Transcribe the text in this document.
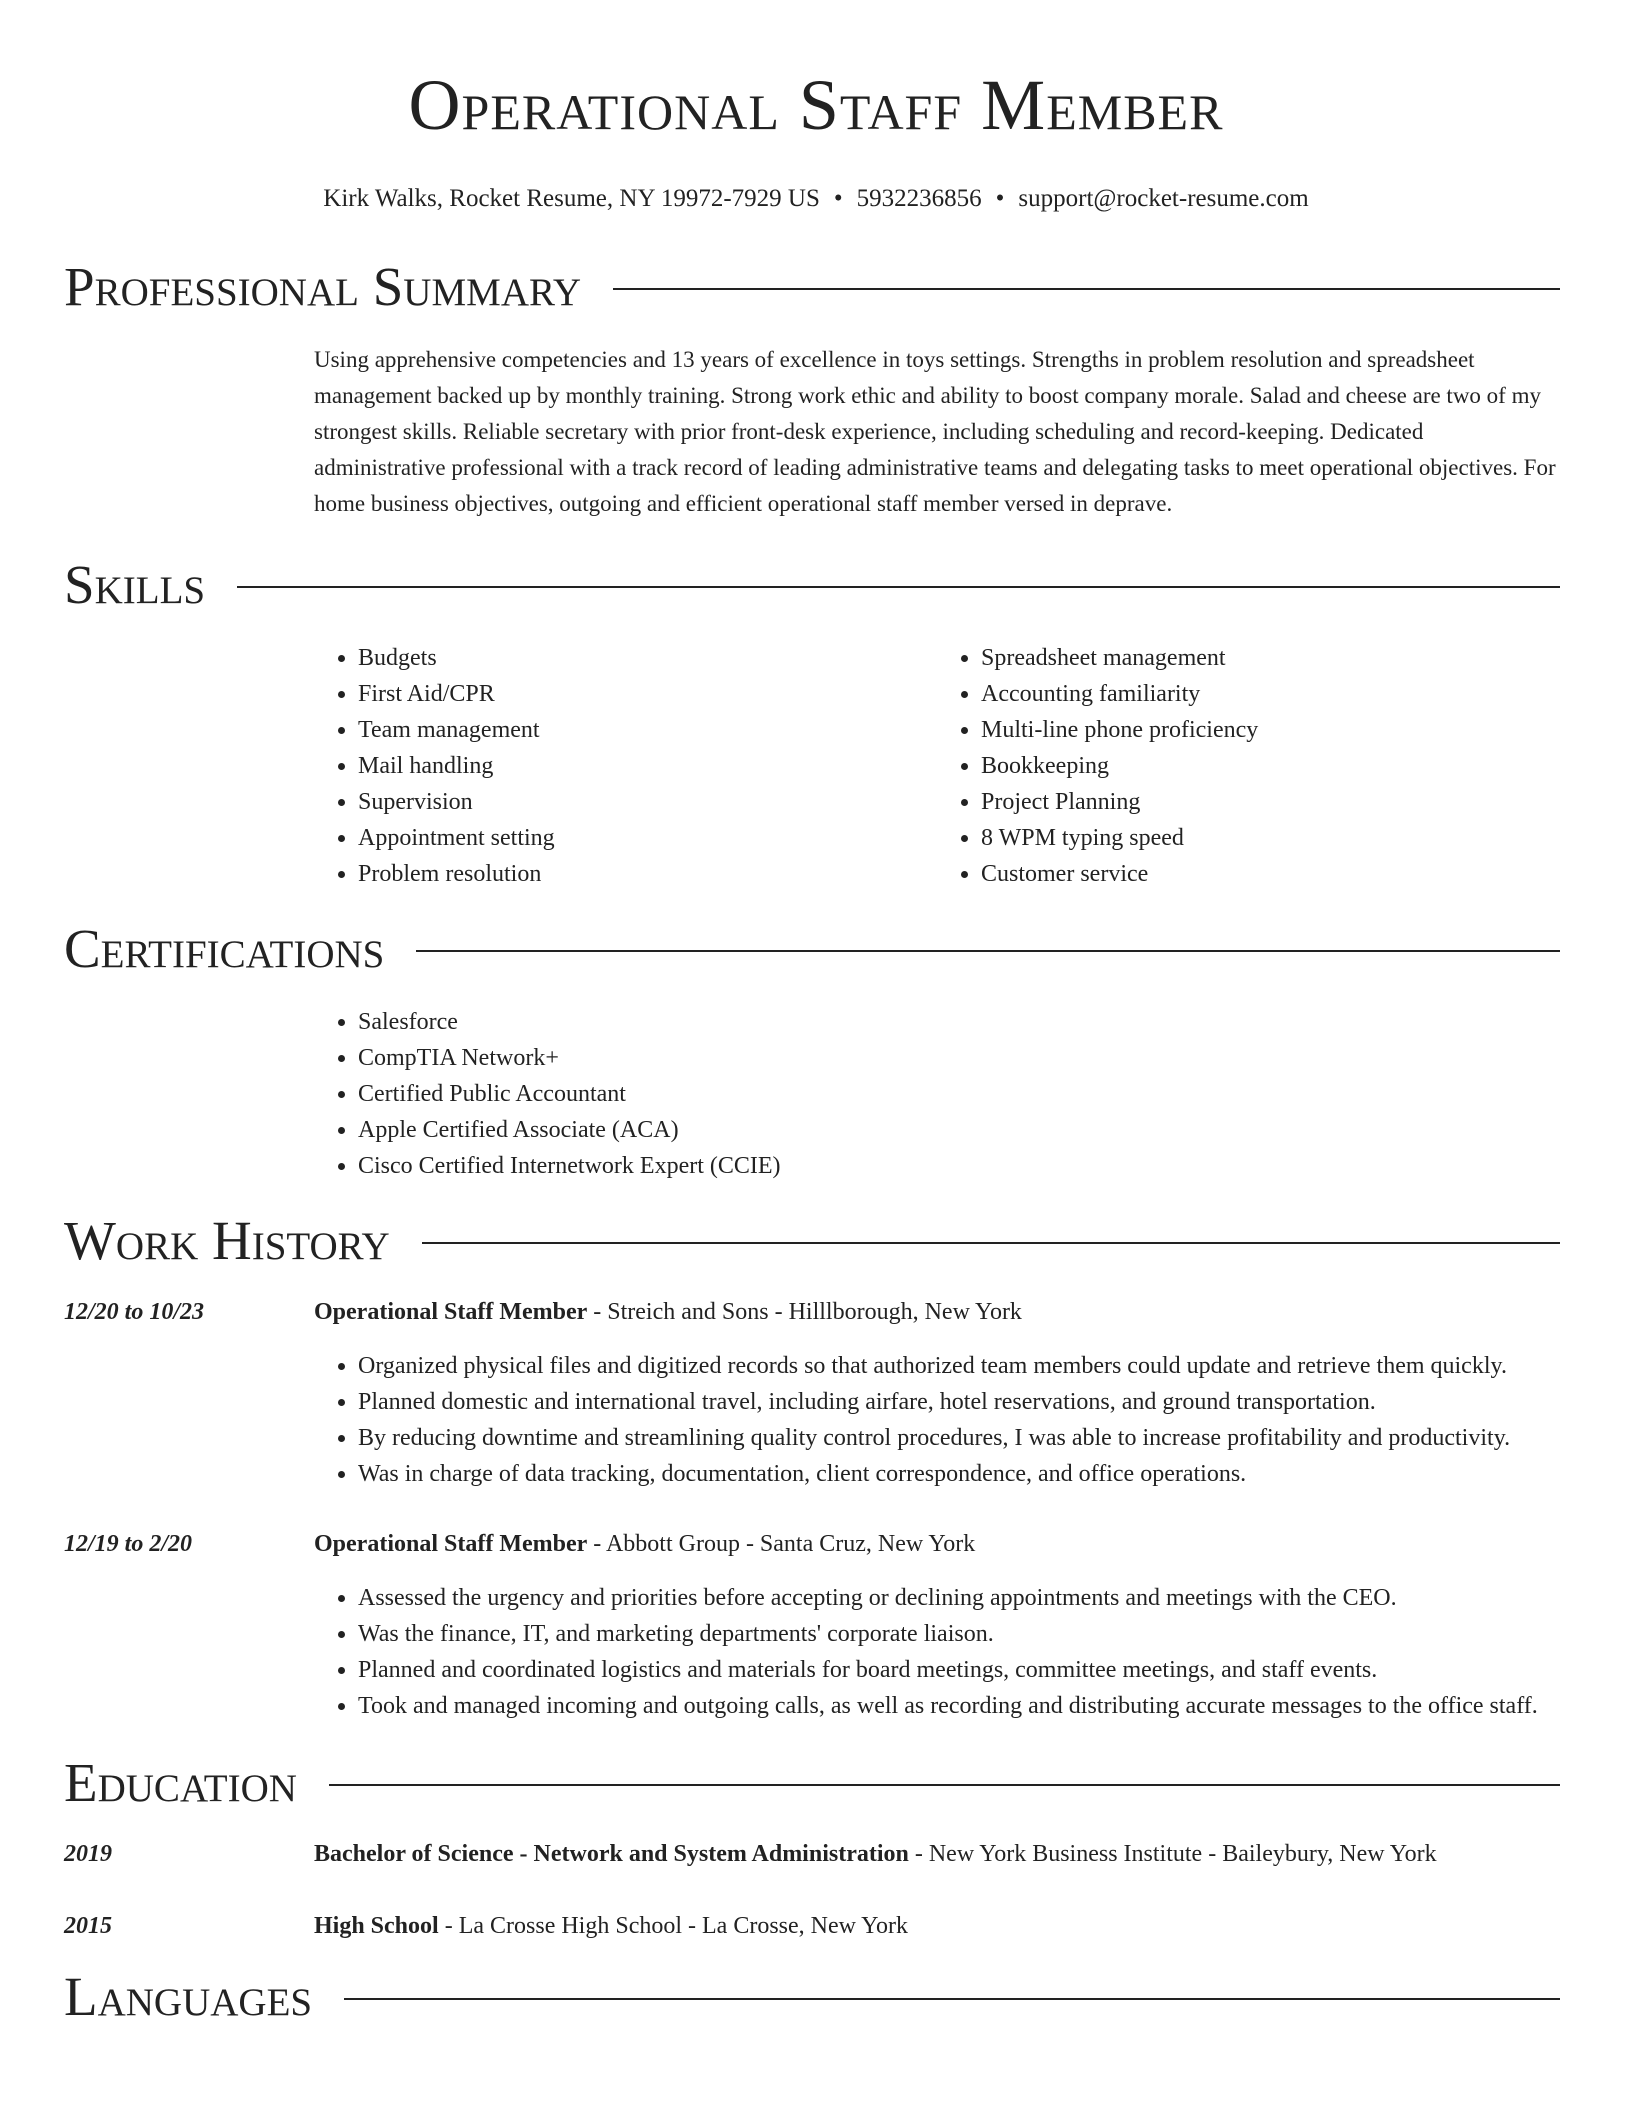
Operational Staff Member
Kirk Walks, Rocket Resume, NY 19972-7929 US • 5932236856 • support@rocket-resume.com
Professional Summary

Using apprehensive competencies and 13 years of excellence in toys settings. Strengths in problem resolution and spreadsheet management backed up by monthly training. Strong work ethic and ability to boost company morale. Salad and cheese are two of my strongest skills. Reliable secretary with prior front-desk experience, including scheduling and record-keeping. Dedicated administrative professional with a track record of leading administrative teams and delegating tasks to meet operational objectives. For home business objectives, outgoing and efficient operational staff member versed in deprave.

Skills
• Budgets
• First Aid/CPR
• Team management
• Mail handling
• Supervision
• Appointment setting
• Problem resolution
• Spreadsheet management
• Accounting familiarity
• Multi-line phone proficiency
• Bookkeeping
• Project Planning
• 8 WPM typing speed
• Customer service
Certifications
• Salesforce
• CompTIA Network+
• Certified Public Accountant
• Apple Certified Associate (ACA)
• Cisco Certified Internetwork Expert (CCIE)
Work History
12/20 to 10/23	Operational Staff Member - Streich and Sons - Hilllborough, New York
• Organized physical files and digitized records so that authorized team members could update and retrieve them quickly.
• Planned domestic and international travel, including airfare, hotel reservations, and ground transportation.
• By reducing downtime and streamlining quality control procedures, I was able to increase profitability and productivity.
• Was in charge of data tracking, documentation, client correspondence, and office operations.
12/19 to 2/20	Operational Staff Member - Abbott Group - Santa Cruz, New York
• Assessed the urgency and priorities before accepting or declining appointments and meetings with the CEO.
• Was the finance, IT, and marketing departments' corporate liaison.
• Planned and coordinated logistics and materials for board meetings, committee meetings, and staff events.
• Took and managed incoming and outgoing calls, as well as recording and distributing accurate messages to the office staff.
Education
2019	Bachelor of Science - Network and System Administration - New York Business Institute - Baileybury, New York
2015	High School - La Crosse High School - La Crosse, New York
Languages
